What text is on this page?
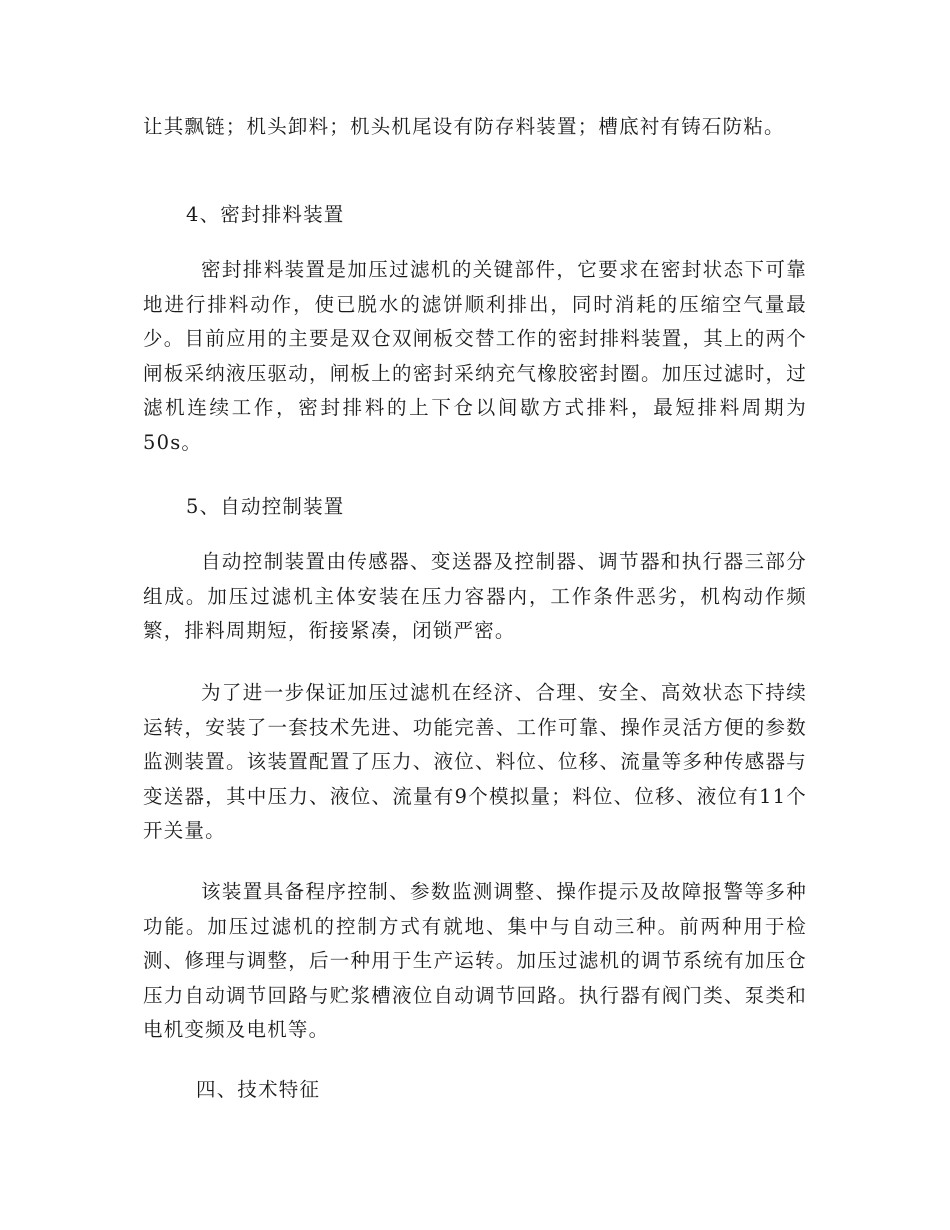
让其飘链；机头卸料；机头机尾设有防存料装置；槽底衬有铸石防粘。

4、密封排料装置

密封排料装置是加压过滤机的关键部件，它要求在密封状态下可靠地进行排料动作，使已脱水的滤饼顺利排出，同时消耗的压缩空气量最少。目前应用的主要是双仓双闸板交替工作的密封排料装置，其上的两个闸板采纳液压驱动，闸板上的密封采纳充气橡胶密封圈。加压过滤时，过滤机连续工作，密封排料的上下仓以间歇方式排料，最短排料周期为50s。

5、自动控制装置

自动控制装置由传感器、变送器及控制器、调节器和执行器三部分组成。加压过滤机主体安装在压力容器内，工作条件恶劣，机构动作频繁，排料周期短，衔接紧凑，闭锁严密。

为了进一步保证加压过滤机在经济、合理、安全、高效状态下持续运转，安装了一套技术先进、功能完善、工作可靠、操作灵活方便的参数监测装置。该装置配置了压力、液位、料位、位移、流量等多种传感器与变送器，其中压力、液位、流量有9个模拟量；料位、位移、液位有11个开关量。

该装置具备程序控制、参数监测调整、操作提示及故障报警等多种功能。加压过滤机的控制方式有就地、集中与自动三种。前两种用于检测、修理与调整，后一种用于生产运转。加压过滤机的调节系统有加压仓压力自动调节回路与贮浆槽液位自动调节回路。执行器有阀门类、泵类和电机变频及电机等。

四、技术特征
